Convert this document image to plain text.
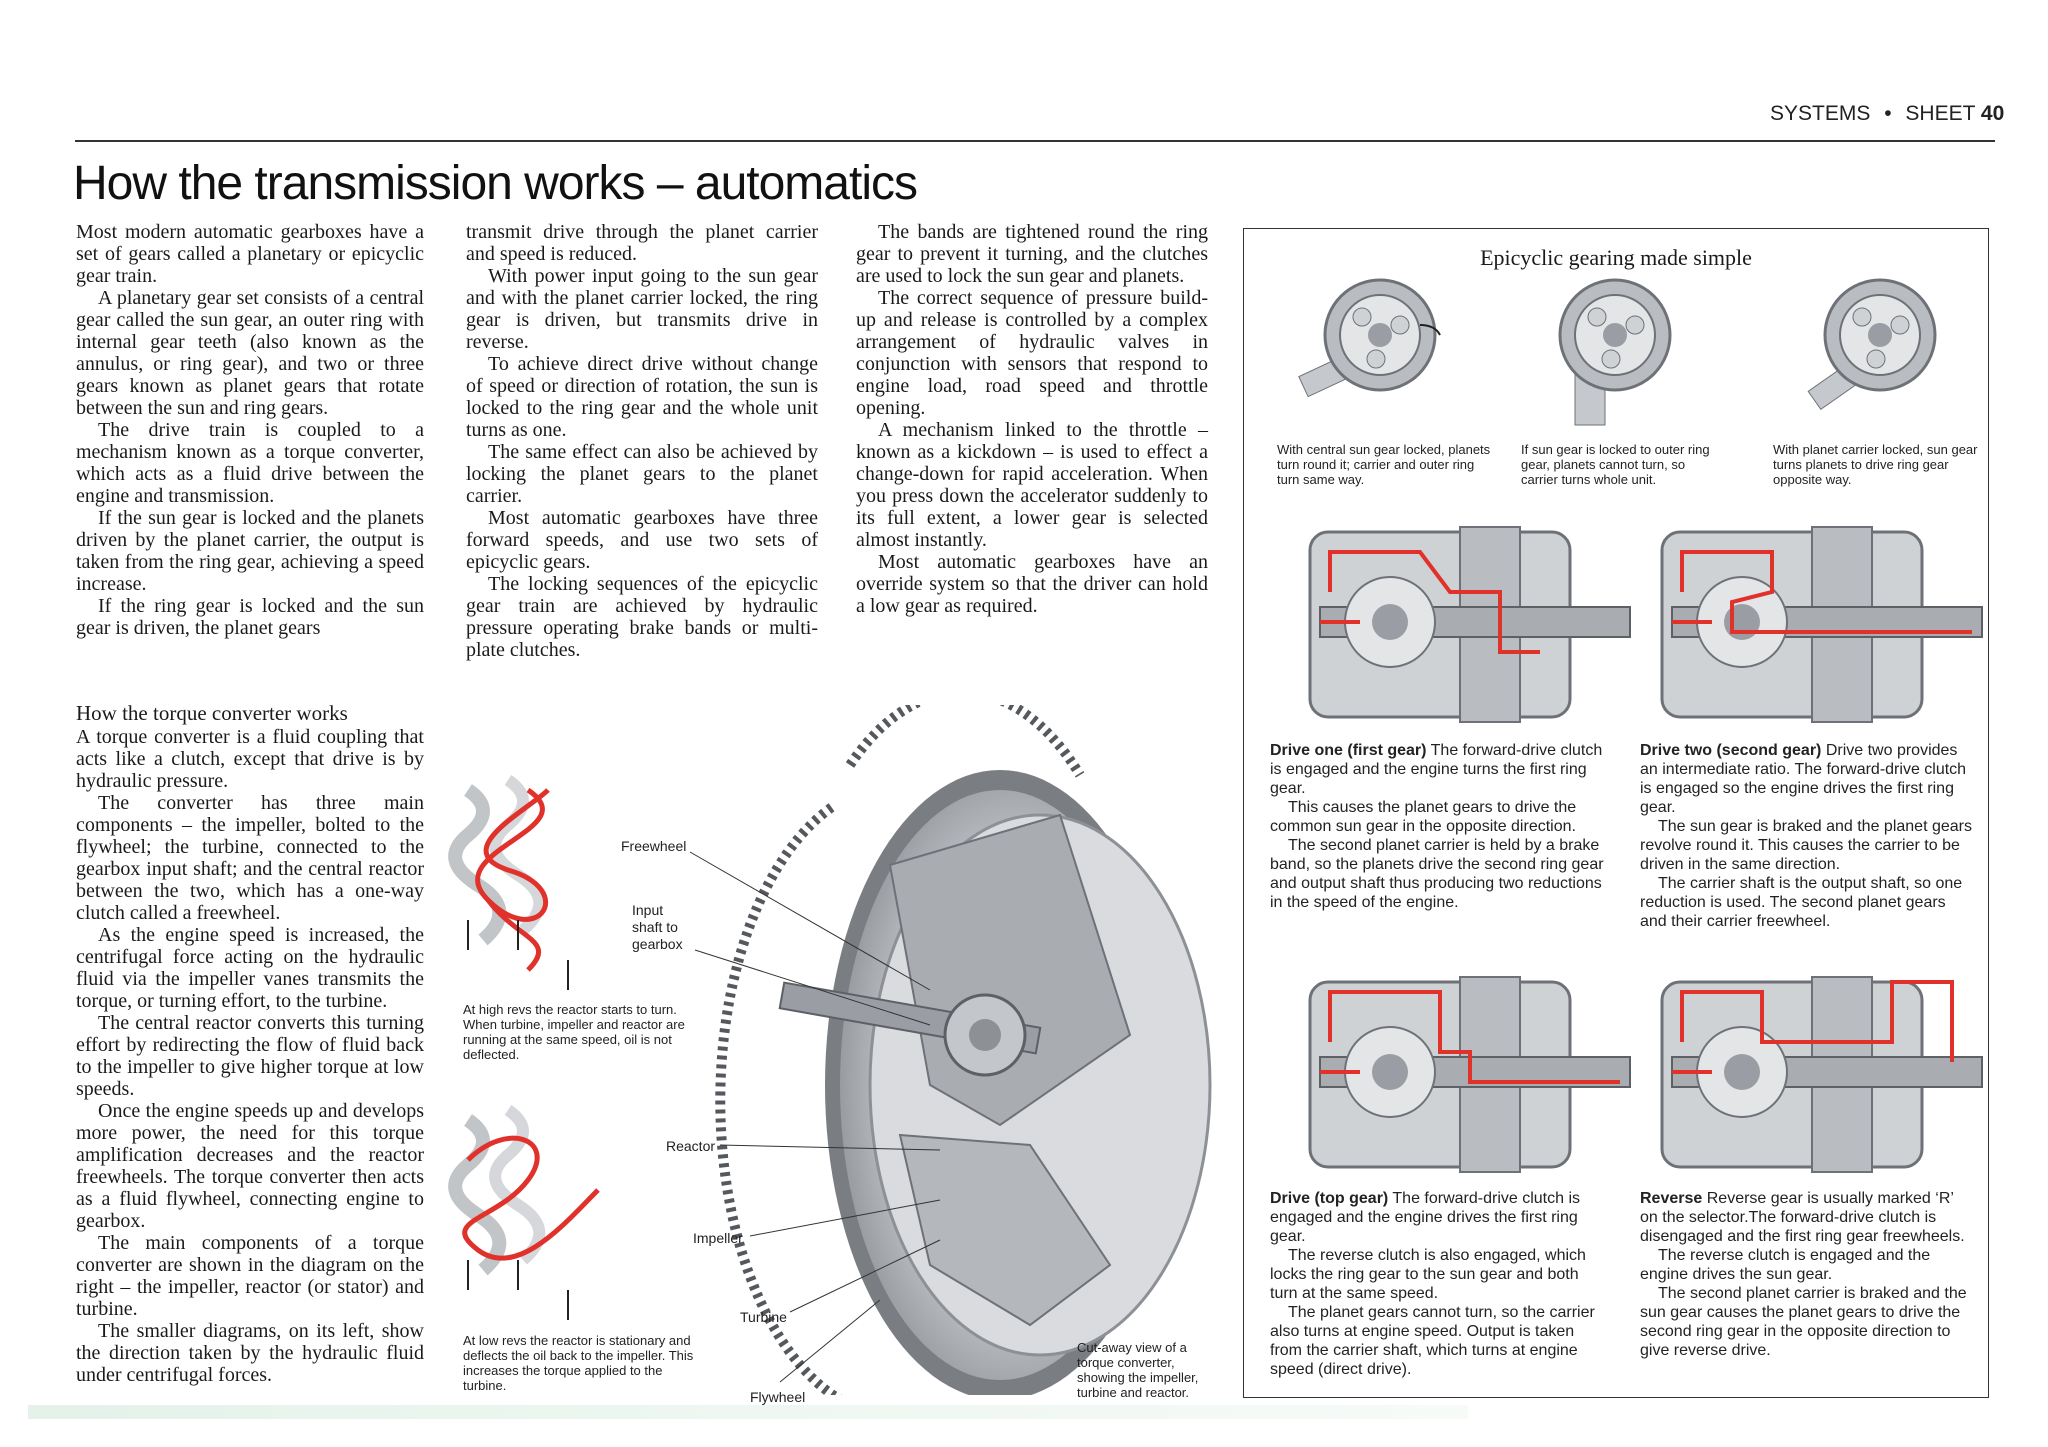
SYSTEMS • SHEET 40
How the transmission works – automatics

Most modern automatic gearboxes have a set of gears called a planetary or epicyclic gear train.

A planetary gear set consists of a central gear called the sun gear, an outer ring with internal gear teeth (also known as the annulus, or ring gear), and two or three gears known as planet gears that rotate between the sun and ring gears.

The drive train is coupled to a mechanism known as a torque converter, which acts as a fluid drive between the engine and transmission.

If the sun gear is locked and the planets driven by the planet carrier, the output is taken from the ring gear, achieving a speed increase.

If the ring gear is locked and the sun gear is driven, the planet gears

transmit drive through the planet carrier and speed is reduced.

With power input going to the sun gear and with the planet carrier locked, the ring gear is driven, but transmits drive in reverse.

To achieve direct drive without change of speed or direction of rotation, the sun is locked to the ring gear and the whole unit turns as one.

The same effect can also be achieved by locking the planet gears to the planet carrier.

Most automatic gearboxes have three forward speeds, and use two sets of epicyclic gears.

The locking sequences of the epicyclic gear train are achieved by hydraulic pressure operating brake bands or multi-plate clutches.

The bands are tightened round the ring gear to prevent it turning, and the clutches are used to lock the sun gear and planets.

The correct sequence of pressure build-up and release is controlled by a complex arrangement of hydraulic valves in conjunction with sensors that respond to engine load, road speed and throttle opening.

A mechanism linked to the throttle – known as a kickdown – is used to effect a change-down for rapid acceleration. When you press down the accelerator suddenly to its full extent, a lower gear is selected almost instantly.

Most automatic gearboxes have an override system so that the driver can hold a low gear as required.

How the torque converter works

A torque converter is a fluid coupling that acts like a clutch, except that drive is by hydraulic pressure.

The converter has three main components – the impeller, bolted to the flywheel; the turbine, connected to the gearbox input shaft; and the central reactor between the two, which has a one-way clutch called a freewheel.

As the engine speed is increased, the centrifugal force acting on the hydraulic fluid via the impeller vanes transmits the torque, or turning effort, to the turbine.

The central reactor converts this turning effort by redirecting the flow of fluid back to the impeller to give higher torque at low speeds.

Once the engine speeds up and develops more power, the need for this torque amplification decreases and the reactor freewheels. The torque converter then acts as a fluid flywheel, connecting engine to gearbox.

The main components of a torque converter are shown in the diagram on the right – the impeller, reactor (or stator) and turbine.

The smaller diagrams, on its left, show the direction taken by the hydraulic fluid under centrifugal forces.

At high revs the reactor starts to turn. When turbine, impeller and reactor are running at the same speed, oil is not deflected.
At low revs the reactor is stationary and deflects the oil back to the impeller. This increases the torque applied to the turbine.
Freewheel
Input shaft to gearbox
Reactor
Impeller
Turbine
Flywheel
Cut-away view of a torque converter, showing the impeller, turbine and reactor.
Epicyclic gearing made simple
With central sun gear locked, planets turn round it; carrier and outer ring turn same way.
If sun gear is locked to outer ring gear, planets cannot turn, so carrier turns whole unit.
With planet carrier locked, sun gear turns planets to drive ring gear opposite way.

Drive one (first gear) The forward-drive clutch is engaged and the engine turns the first ring gear.

This causes the planet gears to drive the common sun gear in the opposite direction.

The second planet carrier is held by a brake band, so the planets drive the second ring gear and output shaft thus producing two reductions in the speed of the engine.

Drive two (second gear) Drive two provides an intermediate ratio. The forward-drive clutch is engaged so the engine drives the first ring gear.

The sun gear is braked and the planet gears revolve round it. This causes the carrier to be driven in the same direction.

The carrier shaft is the output shaft, so one reduction is used. The second planet gears and their carrier freewheel.

Drive (top gear) The forward-drive clutch is engaged and the engine drives the first ring gear.

The reverse clutch is also engaged, which locks the ring gear to the sun gear and both turn at the same speed.

The planet gears cannot turn, so the carrier also turns at engine speed. Output is taken from the carrier shaft, which turns at engine speed (direct drive).

Reverse Reverse gear is usually marked ‘R’ on the selector.The forward-drive clutch is disengaged and the first ring gear freewheels.

The reverse clutch is engaged and the engine drives the sun gear.

The second planet carrier is braked and the sun gear causes the planet gears to drive the second ring gear in the opposite direction to give reverse drive.
